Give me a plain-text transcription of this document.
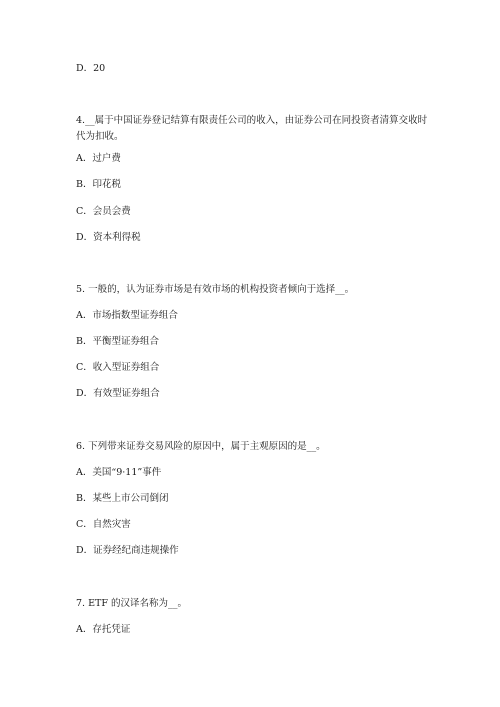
D．20
4.__属于中国证券登记结算有限责任公司的收入，由证券公司在同投资者清算交收时代为扣收。
A．过户费
B．印花税
C．会员会费
D．资本利得税
5. 一般的，认为证券市场是有效市场的机构投资者倾向于选择__。
A．市场指数型证券组合
B．平衡型证券组合
C．收入型证券组合
D．有效型证券组合
6. 下列带来证券交易风险的原因中，属于主观原因的是__。
A．美国“9·11”事件
B．某些上市公司倒闭
C．自然灾害
D．证券经纪商违规操作
7. ETF 的汉译名称为__。
A．存托凭证
